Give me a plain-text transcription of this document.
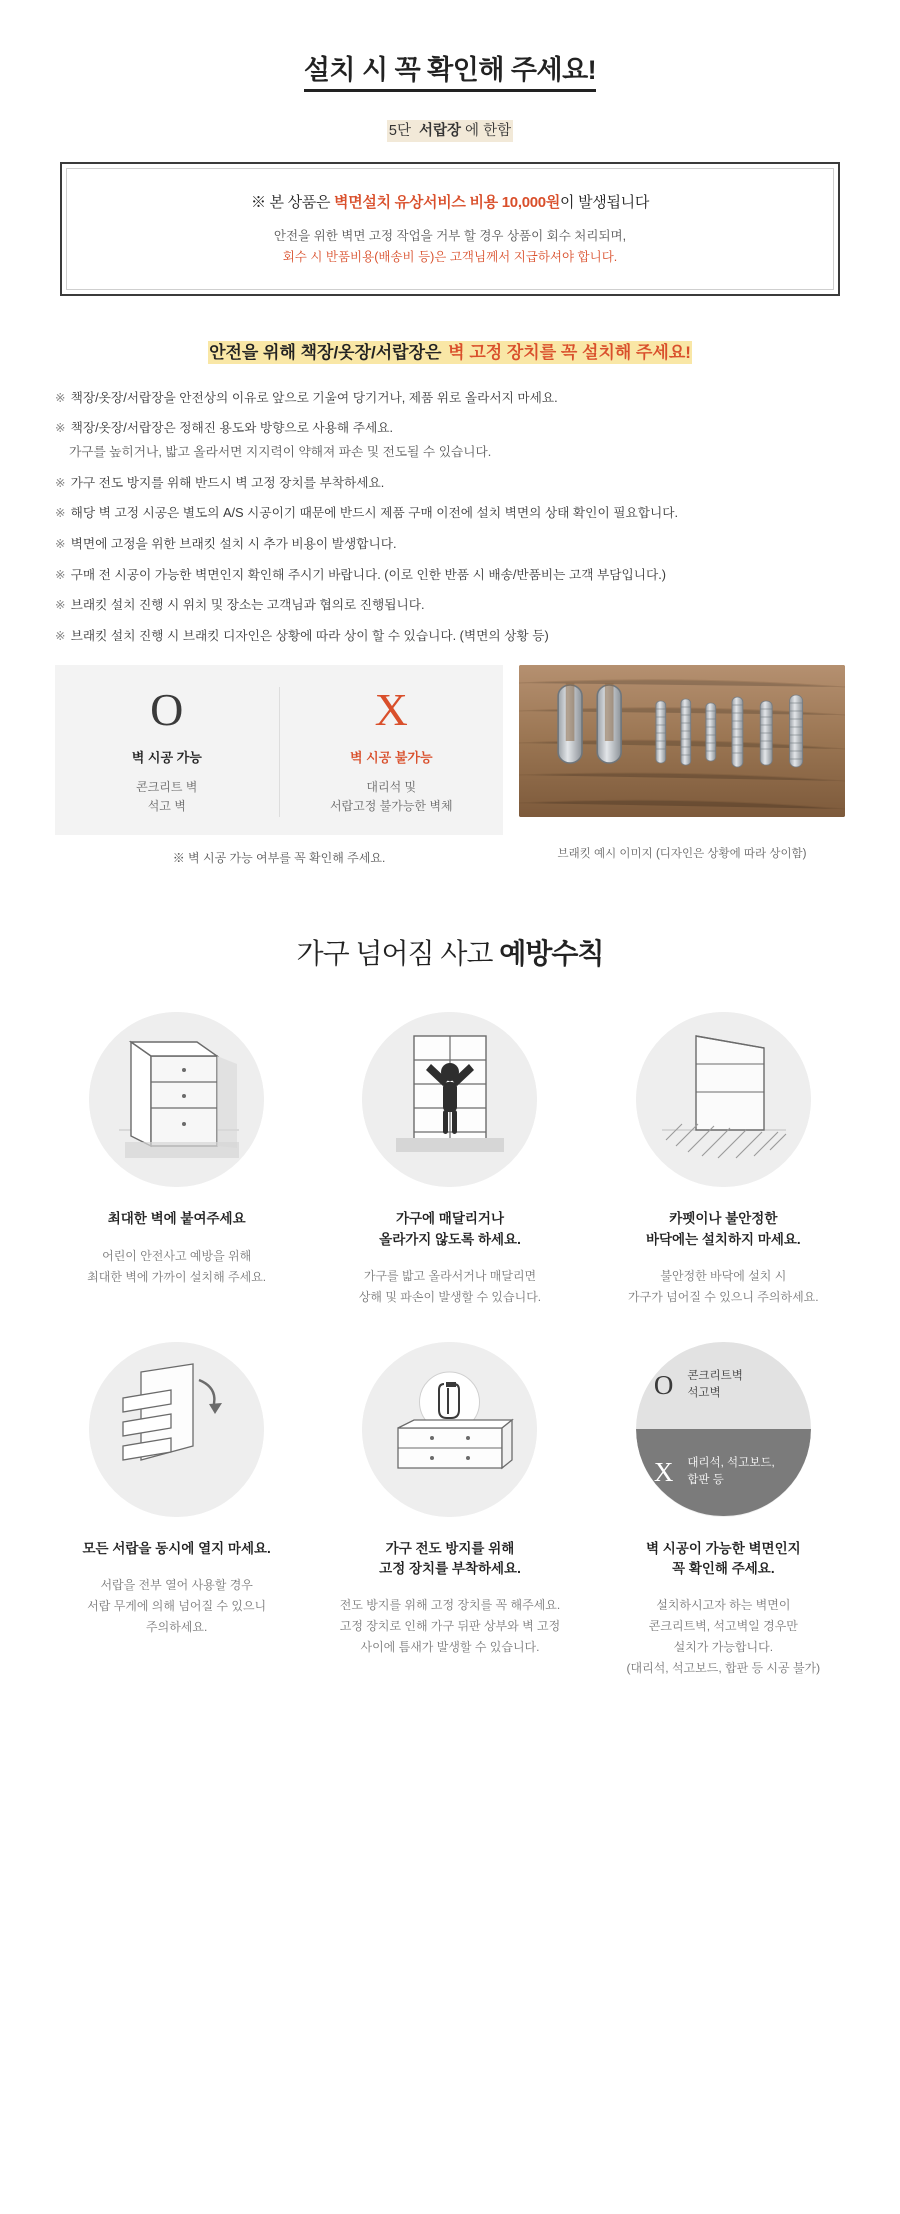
설치 시 꼭 확인해 주세요!
5단 서랍장 에 한함
※ 본 상품은 벽면설치 유상서비스 비용 10,000원이 발생됩니다
안전을 위한 벽면 고정 작업을 거부 할 경우 상품이 회수 처리되며,
회수 시 반품비용(배송비 등)은 고객님께서 지급하셔야 합니다.
안전을 위해 책장/옷장/서랍장은 벽 고정 장치를 꼭 설치해 주세요!
※ 책장/옷장/서랍장을 안전상의 이유로 앞으로 기울여 당기거나, 제품 위로 올라서지 마세요.
※ 책장/옷장/서랍장은 정해진 용도와 방향으로 사용해 주세요.
가구를 높히거나, 밟고 올라서면 지지력이 약해져 파손 및 전도될 수 있습니다.
※ 가구 전도 방지를 위해 반드시 벽 고정 장치를 부착하세요.
※ 해당 벽 고정 시공은 별도의 A/S 시공이기 때문에 반드시 제품 구매 이전에 설치 벽면의 상태 확인이 필요합니다.
※ 벽면에 고정을 위한 브래킷 설치 시 추가 비용이 발생합니다.
※ 구매 전 시공이 가능한 벽면인지 확인해 주시기 바랍니다. (이로 인한 반품 시 배송/반품비는 고객 부담입니다.)
※ 브래킷 설치 진행 시 위치 및 장소는 고객님과 협의로 진행됩니다.
※ 브래킷 설치 진행 시 브래킷 디자인은 상황에 따라 상이 할 수 있습니다. (벽면의 상황 등)
O
벽 시공 가능
콘크리트 벽
석고 벽
X
벽 시공 불가능
대리석 및
서랍고정 불가능한 벽체
※ 벽 시공 가능 여부를 꼭 확인해 주세요.	브래킷 예시 이미지 (디자인은 상황에 따라 상이함)
가구 넘어짐 사고 예방수칙
최대한 벽에 붙여주세요
어린이 안전사고 예방을 위해
최대한 벽에 가까이 설치해 주세요.
가구에 매달리거나
올라가지 않도록 하세요.
가구를 밟고 올라서거나 매달리면
상해 및 파손이 발생할 수 있습니다.
카펫이나 불안정한
바닥에는 설치하지 마세요.
불안정한 바닥에 설치 시
가구가 넘어질 수 있으니 주의하세요.
모든 서랍을 동시에 열지 마세요.
서랍을 전부 열어 사용할 경우
서랍 무게에 의해 넘어질 수 있으니
주의하세요.
가구 전도 방지를 위해
고정 장치를 부착하세요.
전도 방지를 위해 고정 장치를 꼭 해주세요.
고정 장치로 인해 가구 뒤판 상부와 벽 고정
사이에 틈새가 발생할 수 있습니다.
O 콘크리트벽
석고벽
X 대리석, 석고보드,
합판 등
벽 시공이 가능한 벽면인지
꼭 확인해 주세요.
설치하시고자 하는 벽면이
콘크리트벽, 석고벽일 경우만
설치가 가능합니다.
(대리석, 석고보드, 합판 등 시공 불가)
